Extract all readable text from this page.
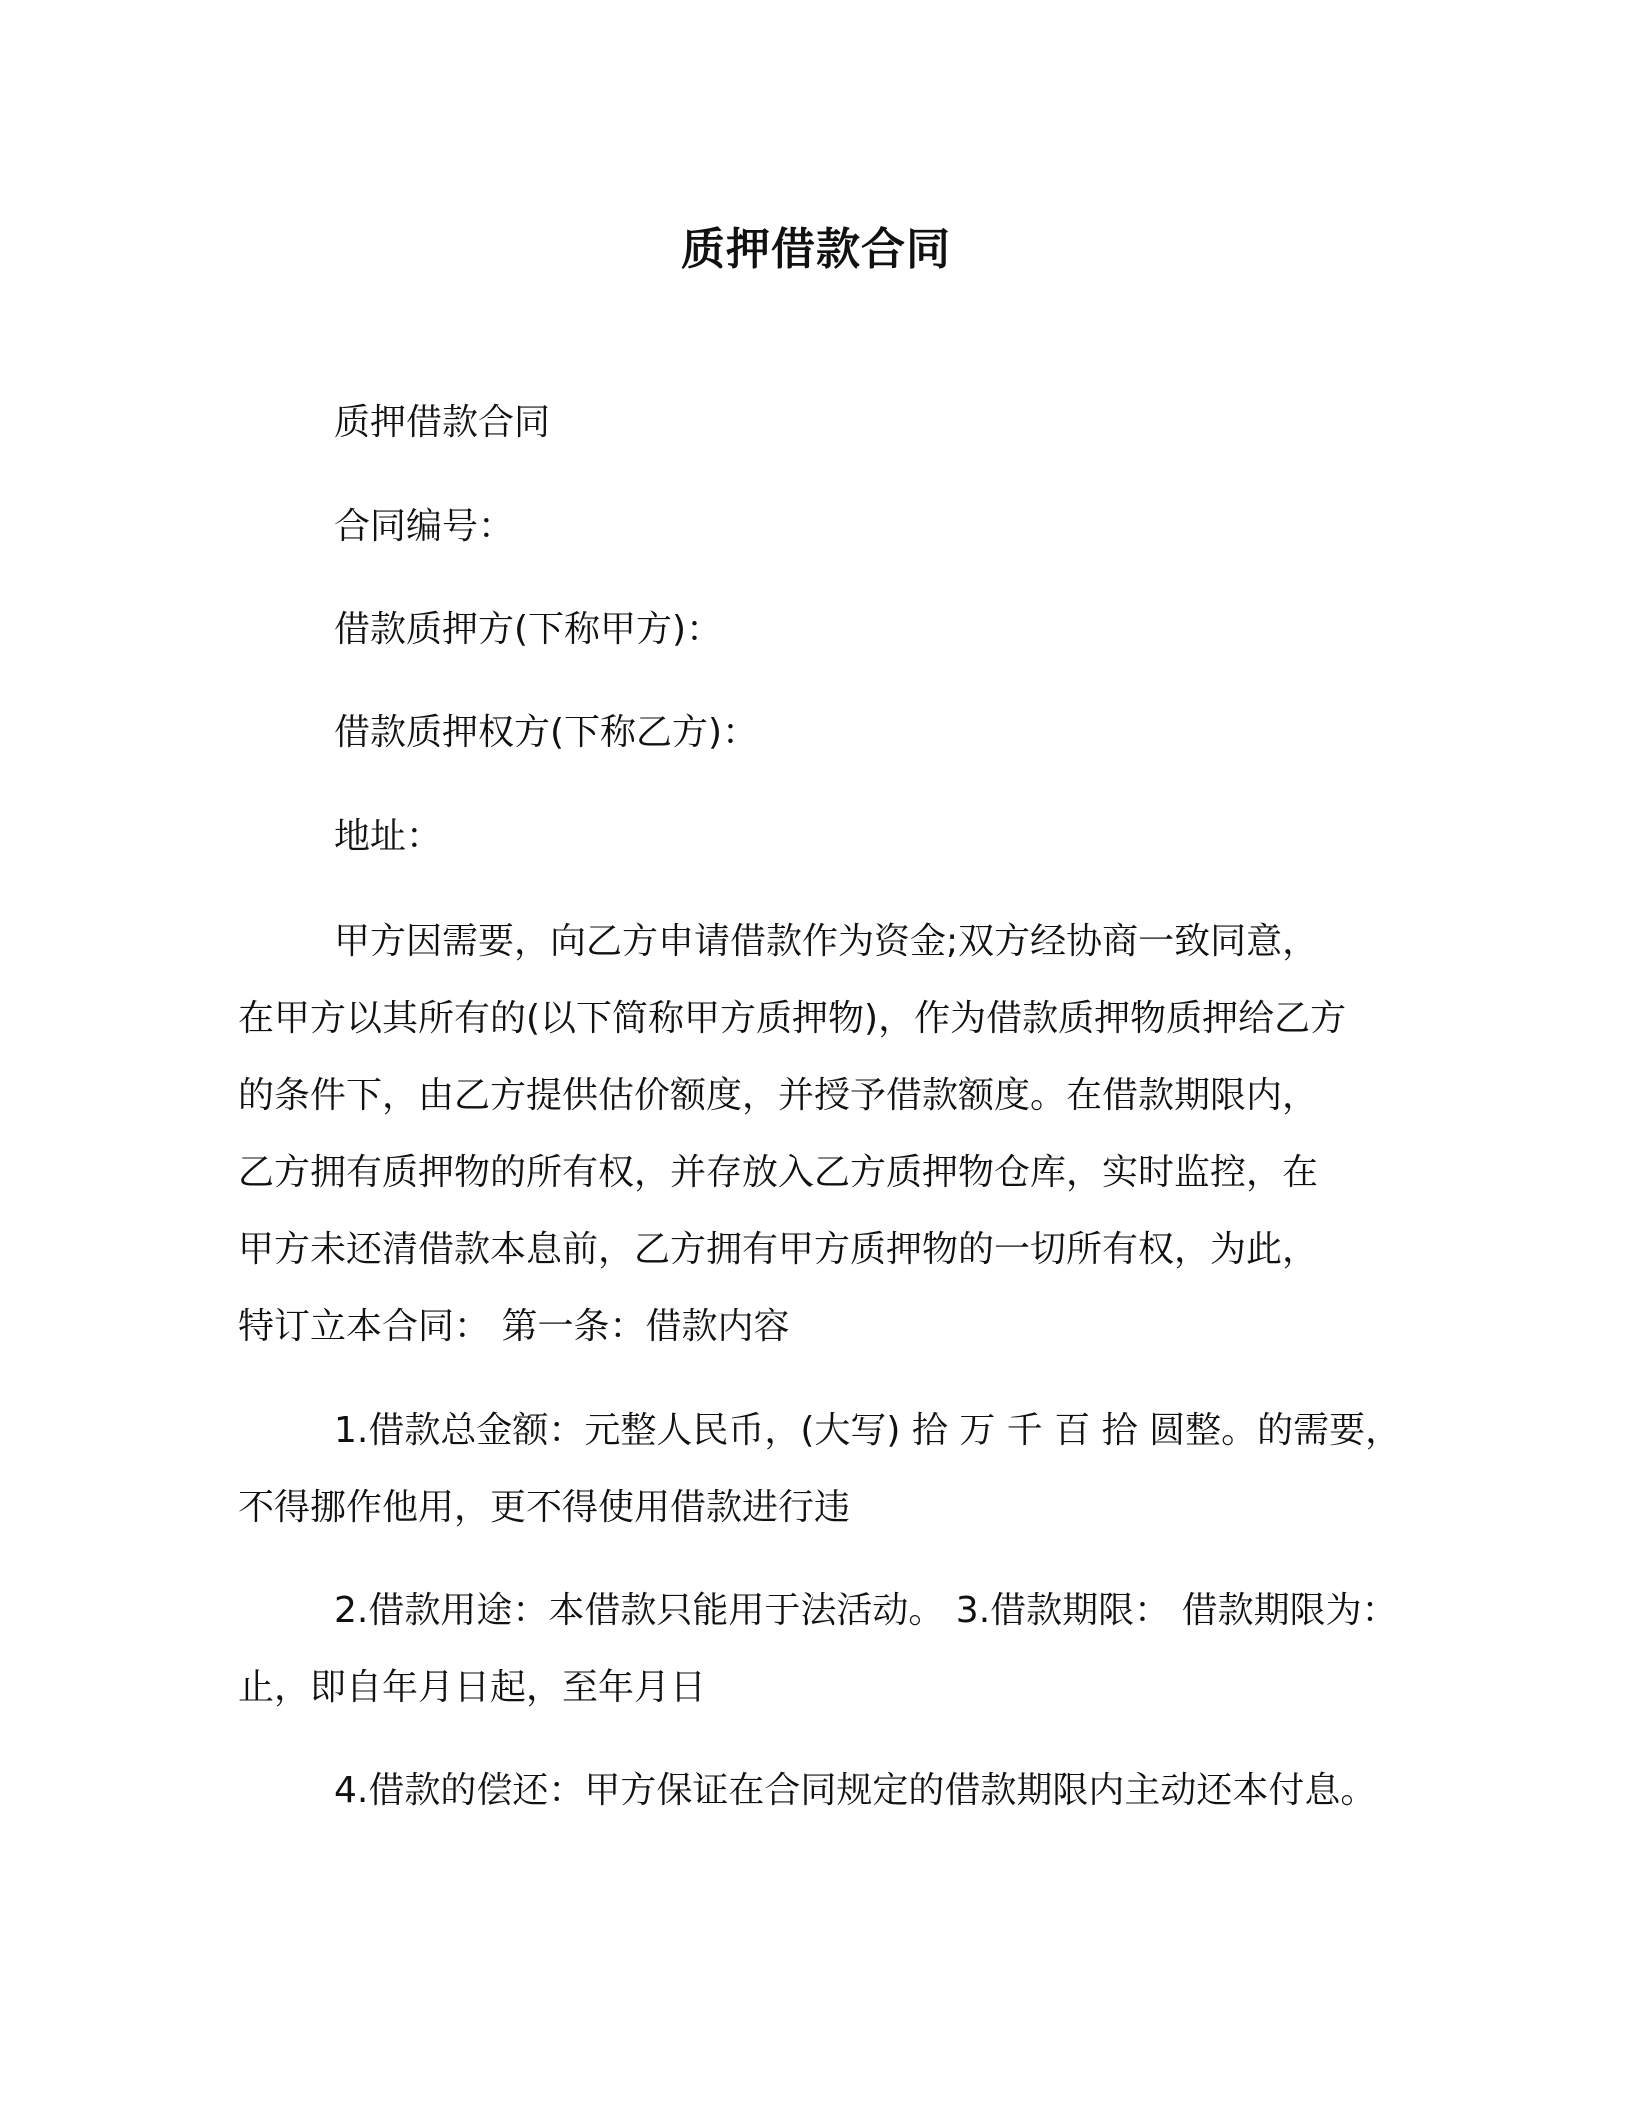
质押借款合同
质押借款合同
合同编号：
借款质押方(下称甲方)：
借款质押权方(下称乙方)：
地址：
甲方因需要，向乙方申请借款作为资金;双方经协商一致同意，
在甲方以其所有的(以下简称甲方质押物)，作为借款质押物质押给乙方
的条件下，由乙方提供估价额度，并授予借款额度。在借款期限内，
乙方拥有质押物的所有权，并存放入乙方质押物仓库，实时监控，在
甲方未还清借款本息前，乙方拥有甲方质押物的一切所有权，为此，
特订立本合同： 第一条：借款内容
1.借款总金额：元整人民币，(大写) 拾 万 千 百 拾 圆整。的需要，
不得挪作他用，更不得使用借款进行违
2.借款用途：本借款只能用于法活动。 3.借款期限： 借款期限为：
止，即自年月日起，至年月日
4.借款的偿还：甲方保证在合同规定的借款期限内主动还本付息。
